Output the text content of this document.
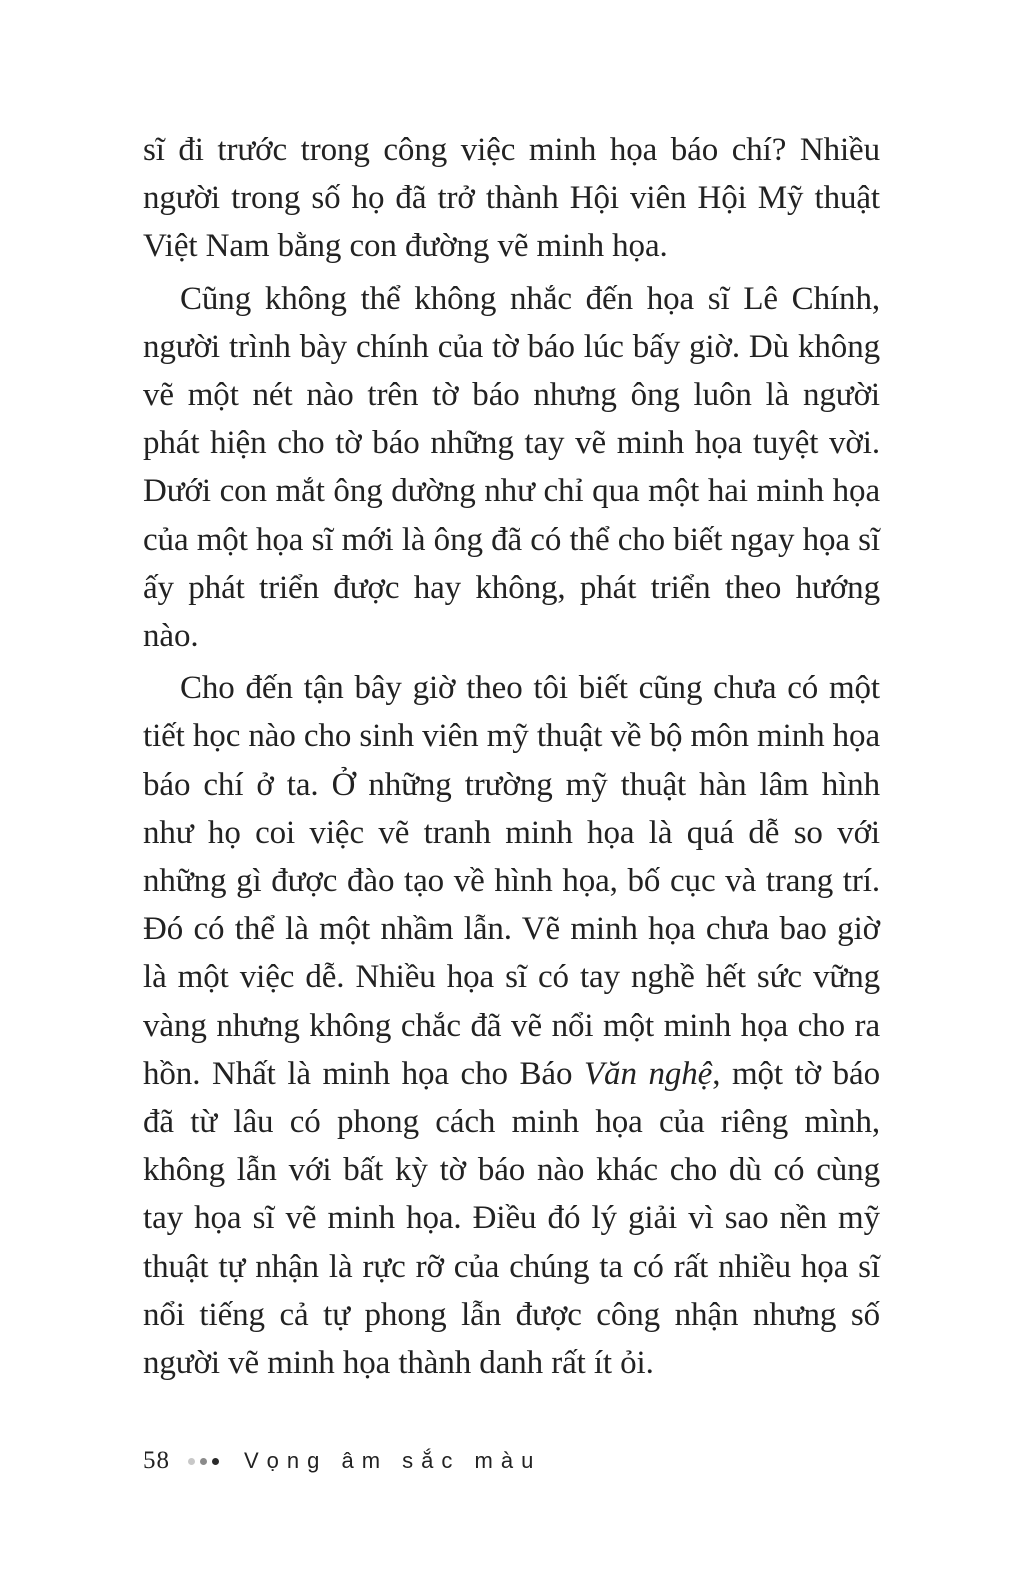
sĩ đi trước trong công việc minh họa báo chí? Nhiều người trong số họ đã trở thành Hội viên Hội Mỹ thuật Việt Nam bằng con đường vẽ minh họa.

Cũng không thể không nhắc đến họa sĩ Lê Chính, người trình bày chính của tờ báo lúc bấy giờ. Dù không vẽ một nét nào trên tờ báo nhưng ông luôn là người phát hiện cho tờ báo những tay vẽ minh họa tuyệt vời. Dưới con mắt ông dường như chỉ qua một hai minh họa của một họa sĩ mới là ông đã có thể cho biết ngay họa sĩ ấy phát triển được hay không, phát triển theo hướng nào.

Cho đến tận bây giờ theo tôi biết cũng chưa có một tiết học nào cho sinh viên mỹ thuật về bộ môn minh họa báo chí ở ta. Ở những trường mỹ thuật hàn lâm hình như họ coi việc vẽ tranh minh họa là quá dễ so với những gì được đào tạo về hình họa, bố cục và trang trí. Đó có thể là một nhầm lẫn. Vẽ minh họa chưa bao giờ là một việc dễ. Nhiều họa sĩ có tay nghề hết sức vững vàng nhưng không chắc đã vẽ nổi một minh họa cho ra hồn. Nhất là minh họa cho Báo Văn nghệ, một tờ báo đã từ lâu có phong cách minh họa của riêng mình, không lẫn với bất kỳ tờ báo nào khác cho dù có cùng tay họa sĩ vẽ minh họa. Điều đó lý giải vì sao nền mỹ thuật tự nhận là rực rỡ của chúng ta có rất nhiều họa sĩ nổi tiếng cả tự phong lẫn được công nhận nhưng số người vẽ minh họa thành danh rất ít ỏi.

58	Vọng âm sắc màu
